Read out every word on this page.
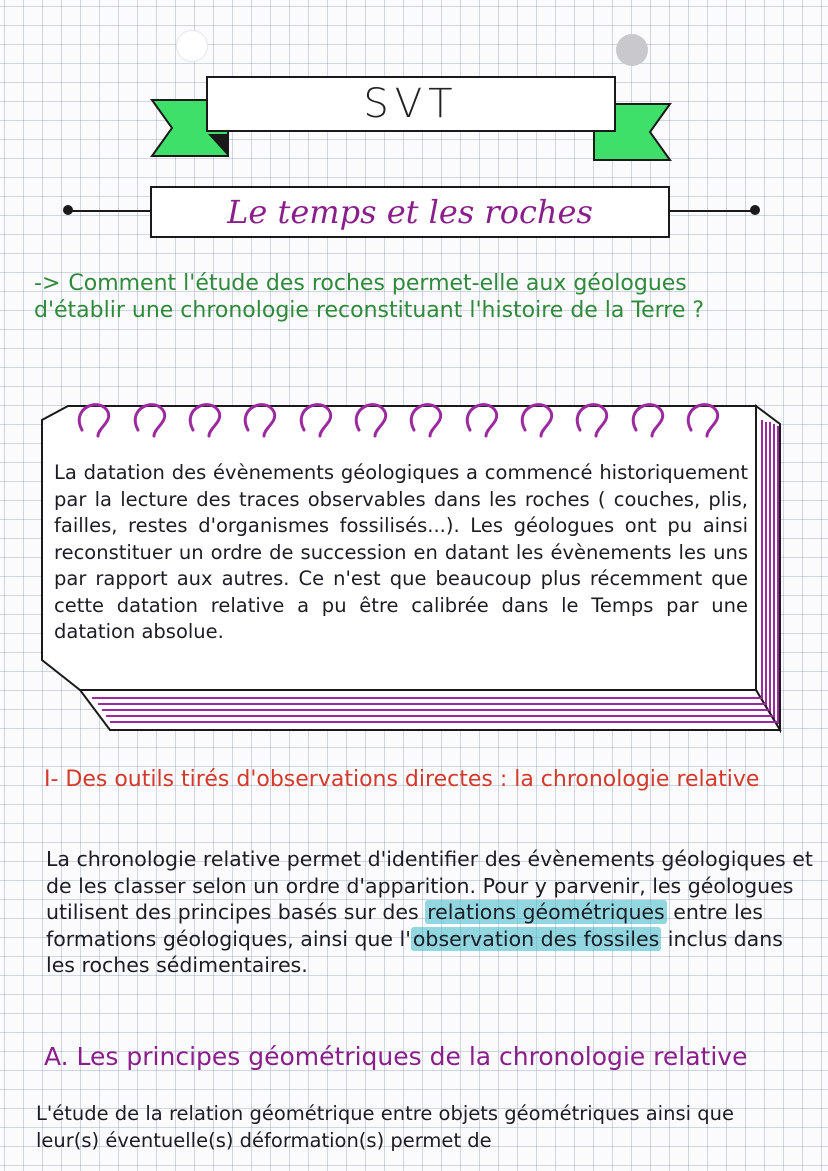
SVT
Le temps et les roches
-> Comment l'étude des roches permet-elle aux géologues d'établir une chronologie reconstituant l'histoire de la Terre ?
La datation des évènements géologiques a commencé historiquement par la lecture des traces observables dans les roches ( couches, plis, failles, restes d'organismes fossilisés...). Les géologues ont pu ainsi reconstituer un ordre de succession en datant les évènements les uns par rapport aux autres. Ce n'est que beaucoup plus récemment que cette datation relative a pu être calibrée dans le Temps par une datation absolue.
I- Des outils tirés d'observations directes : la chronologie relative
La chronologie relative permet d'identifier des évènements géologiques et de les classer selon un ordre d'apparition. Pour y parvenir, les géologues utilisent des principes basés sur des relations géométriques entre les formations géologiques, ainsi que l'observation des fossiles inclus dans les roches sédimentaires.
A. Les principes géométriques de la chronologie relative
L'étude de la relation géométrique entre objets géométriques ainsi que leur(s) éventuelle(s) déformation(s) permet de
